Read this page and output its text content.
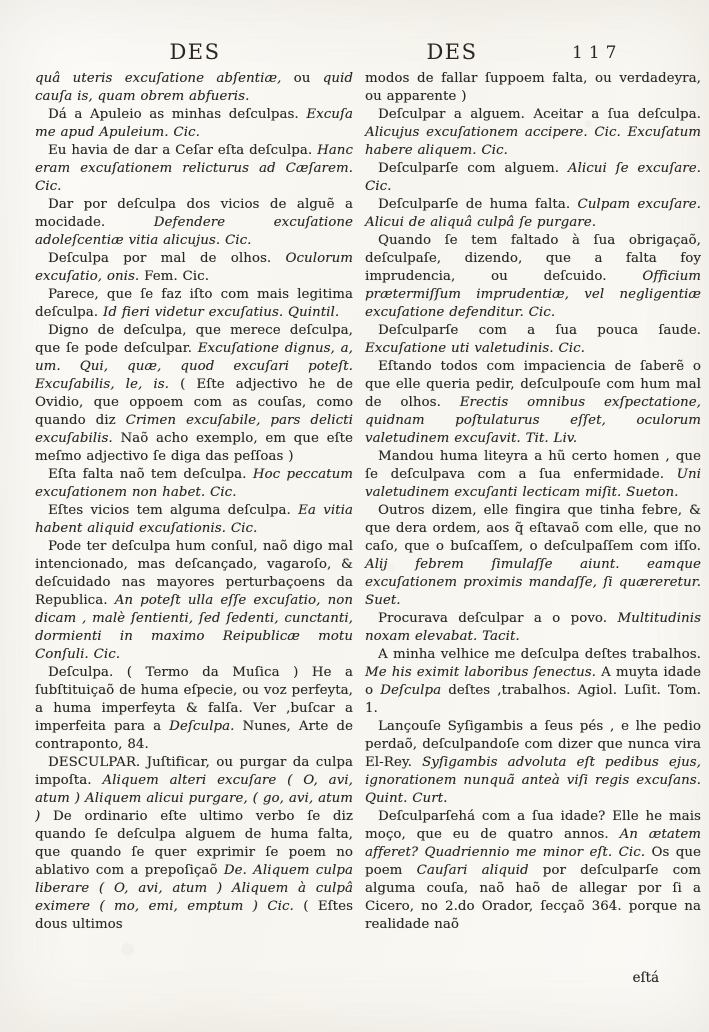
DES	DES	117

quâ uteris excuſatione abſentiæ, ou quid cauſa is, quam obrem abfueris.

Dá a Apuleio as minhas deſculpas. Excuſa me apud Apuleium. Cic.

Eu havia de dar a Ceſar eſta deſculpa. Hanc eram excuſationem relicturus ad Cæſarem. Cic.

Dar por deſculpa dos vicios de alguẽ a mocidade. Defendere excuſatione adoleſcentiæ vitia alicujus. Cic.

Deſculpa por mal de olhos. Oculorum excuſatio, onis. Fem. Cic.

Parece, que ſe faz iſto com mais legitima deſculpa. Id fieri videtur excuſatius. Quintil.

Digno de deſculpa, que merece deſculpa, que ſe pode deſculpar. Excuſatione dignus, a, um. Qui, quæ, quod excuſari poteſt. Excuſabilis, le, is. ( Eſte adjectivo he de Ovidio, que oppoem com as couſas, como quando diz Crimen excuſabile, pars delicti excuſabilis. Naõ acho exemplo, em que eſte meſmo adjectivo ſe diga das peſſoas )

Eſta falta naõ tem deſculpa. Hoc peccatum excuſationem non habet. Cic.

Eſtes vicios tem alguma deſculpa. Ea vitia habent aliquid excuſationis. Cic.

Pode ter deſculpa hum conſul, naõ digo mal intencionado, mas deſcançado, vagaroſo, & deſcuidado nas mayores perturbaçoens da Republica. An poteſt ulla eſſe excuſatio, non dicam , malè ſentienti, ſed ſedenti, cunctanti, dormienti in maximo Reipublicæ motu Conſuli. Cic.

Deſculpa. ( Termo da Muſica ) He a ſubſtituiçaõ de huma eſpecie, ou voz perfeyta, a huma imperfeyta & falſa. Ver ,buſcar a imperfeita para a Deſculpa. Nunes, Arte de contraponto, 84.

DESCULPAR. Juſtificar, ou purgar da culpa impoſta. Aliquem alteri excuſare ( O, avi, atum ) Aliquem alicui purgare, ( go, avi, atum ) De ordinario eſte ultimo verbo ſe diz quando ſe deſculpa alguem de huma falta, que quando ſe quer exprimir ſe poem no ablativo com a prepoſiçaõ De. Aliquem culpa liberare ( O, avi, atum ) Aliquem à culpâ eximere ( mo, emi, emptum ) Cic. ( Eſtes dous ultimos

modos de fallar ſuppoem falta, ou verdadeyra, ou apparente )

Deſculpar a alguem. Aceitar a ſua deſculpa. Alicujus excuſationem accipere. Cic. Excuſatum habere aliquem. Cic.

Deſculparſe com alguem. Alicui ſe excuſare. Cic.

Deſculparſe de huma falta. Culpam excuſare. Alicui de aliquâ culpâ ſe purgare.

Quando ſe tem faltado à ſua obrigaçaõ, deſculpaſe, dizendo, que a falta foy imprudencia, ou deſcuido. Officium prætermiſſum imprudentiæ, vel negligentiæ excuſatione defenditur. Cic.

Deſculparſe com a ſua pouca ſaude. Excuſatione uti valetudinis. Cic.

Eſtando todos com impaciencia de ſaberẽ o que elle queria pedir, deſculpouſe com hum mal de olhos. Erectis omnibus exſpectatione, quidnam poſtulaturus eſſet, oculorum valetudinem excuſavit. Tit. Liv.

Mandou huma liteyra a hũ certo homen , que ſe deſculpava com a ſua enfermidade. Uni valetudinem excuſanti lecticam miſit. Sueton.

Outros dizem, elle fingira que tinha febre, & que dera ordem, aos q̃ eſtavaõ com elle, que no caſo, que o buſcaſſem, o deſculpaſſem com iſſo. Alij febrem ſimulaſſe aiunt. eamque excuſationem proximis mandaſſe, ſi quæreretur. Suet.

Procurava deſculpar a o povo. Multitudinis noxam elevabat. Tacit.

A minha velhice me deſculpa deſtes trabalhos. Me his eximit laboribus ſenectus. A muyta idade o Deſculpa deſtes ,trabalhos. Agiol. Luſit. Tom. 1.

Lançouſe Syſigambis a ſeus pés , e lhe pedio perdaõ, deſculpandoſe com dizer que nunca vira El-Rey. Syſigambis advoluta eſt pedibus ejus, ignorationem nunquã anteà viſi regis excuſans. Quint. Curt.

Deſculparſehá com a ſua idade? Elle he mais moço, que eu de quatro annos. An ætatem afferet? Quadriennio me minor eſt. Cic. Os que poem Cauſari aliquid por deſculparſe com alguma couſa, naõ haõ de allegar por ſi a Cicero, no 2.do Orador, ſecçaõ 364. porque na realidade naõ

eſtá
